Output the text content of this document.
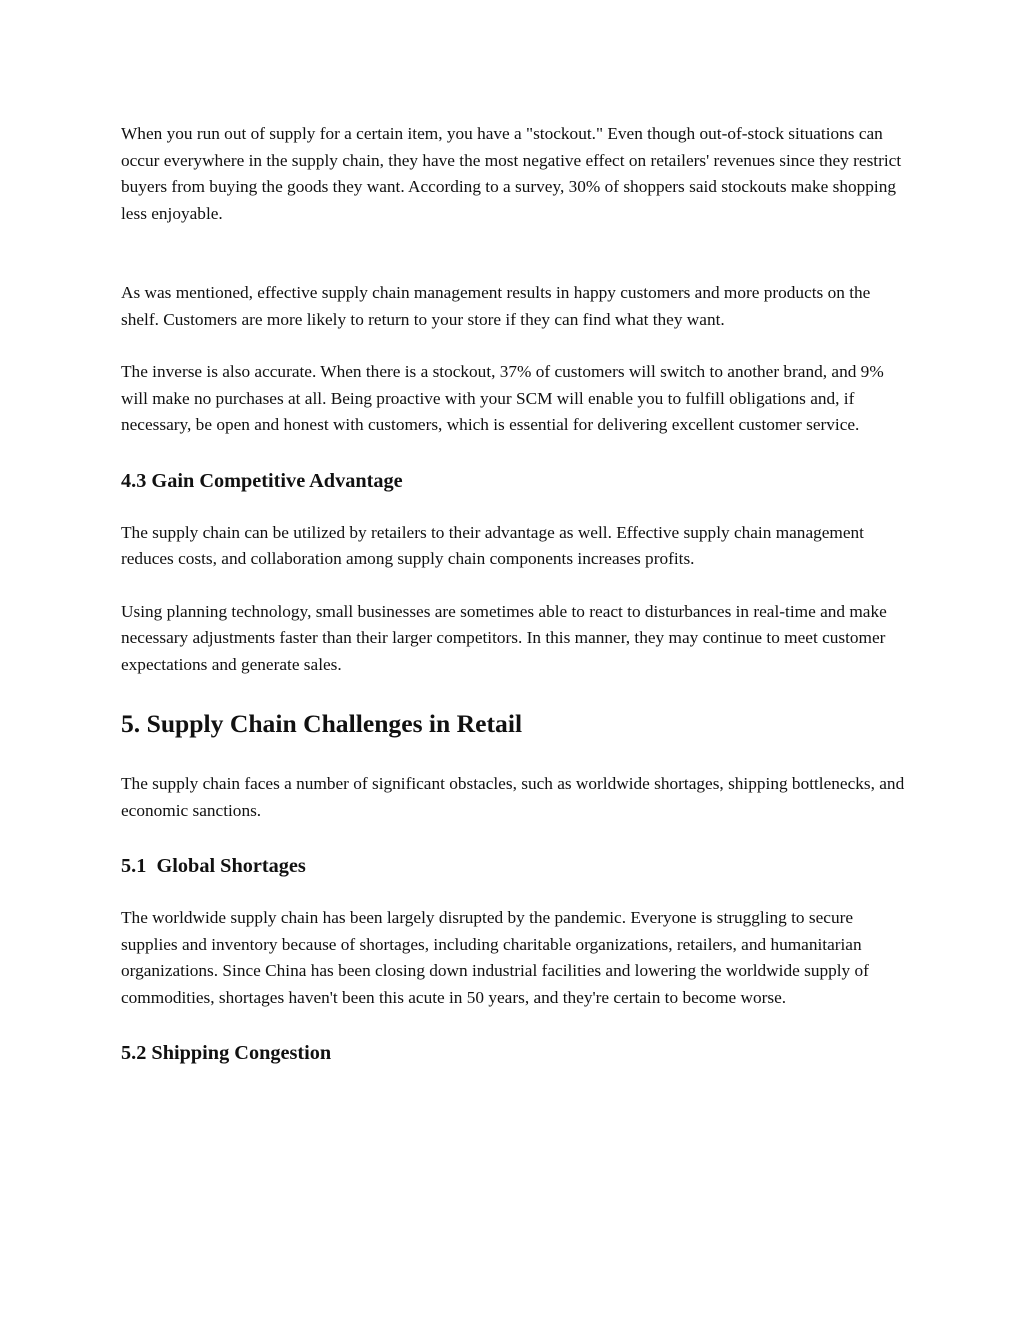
When you run out of supply for a certain item, you have a "stockout." Even though out-of-stock situations can occur everywhere in the supply chain, they have the most negative effect on retailers' revenues since they restrict buyers from buying the goods they want. According to a survey, 30% of shoppers said stockouts make shopping less enjoyable.

As was mentioned, effective supply chain management results in happy customers and more products on the shelf. Customers are more likely to return to your store if they can find what they want.

The inverse is also accurate. When there is a stockout, 37% of customers will switch to another brand, and 9% will make no purchases at all. Being proactive with your SCM will enable you to fulfill obligations and, if necessary, be open and honest with customers, which is essential for delivering excellent customer service.

4.3 Gain Competitive Advantage

The supply chain can be utilized by retailers to their advantage as well. Effective supply chain management reduces costs, and collaboration among supply chain components increases profits.

Using planning technology, small businesses are sometimes able to react to disturbances in real-time and make necessary adjustments faster than their larger competitors. In this manner, they may continue to meet customer expectations and generate sales.

5. Supply Chain Challenges in Retail

The supply chain faces a number of significant obstacles, such as worldwide shortages, shipping bottlenecks, and economic sanctions.

5.1  Global Shortages

The worldwide supply chain has been largely disrupted by the pandemic. Everyone is struggling to secure supplies and inventory because of shortages, including charitable organizations, retailers, and humanitarian organizations. Since China has been closing down industrial facilities and lowering the worldwide supply of commodities, shortages haven't been this acute in 50 years, and they're certain to become worse.

5.2 Shipping Congestion
